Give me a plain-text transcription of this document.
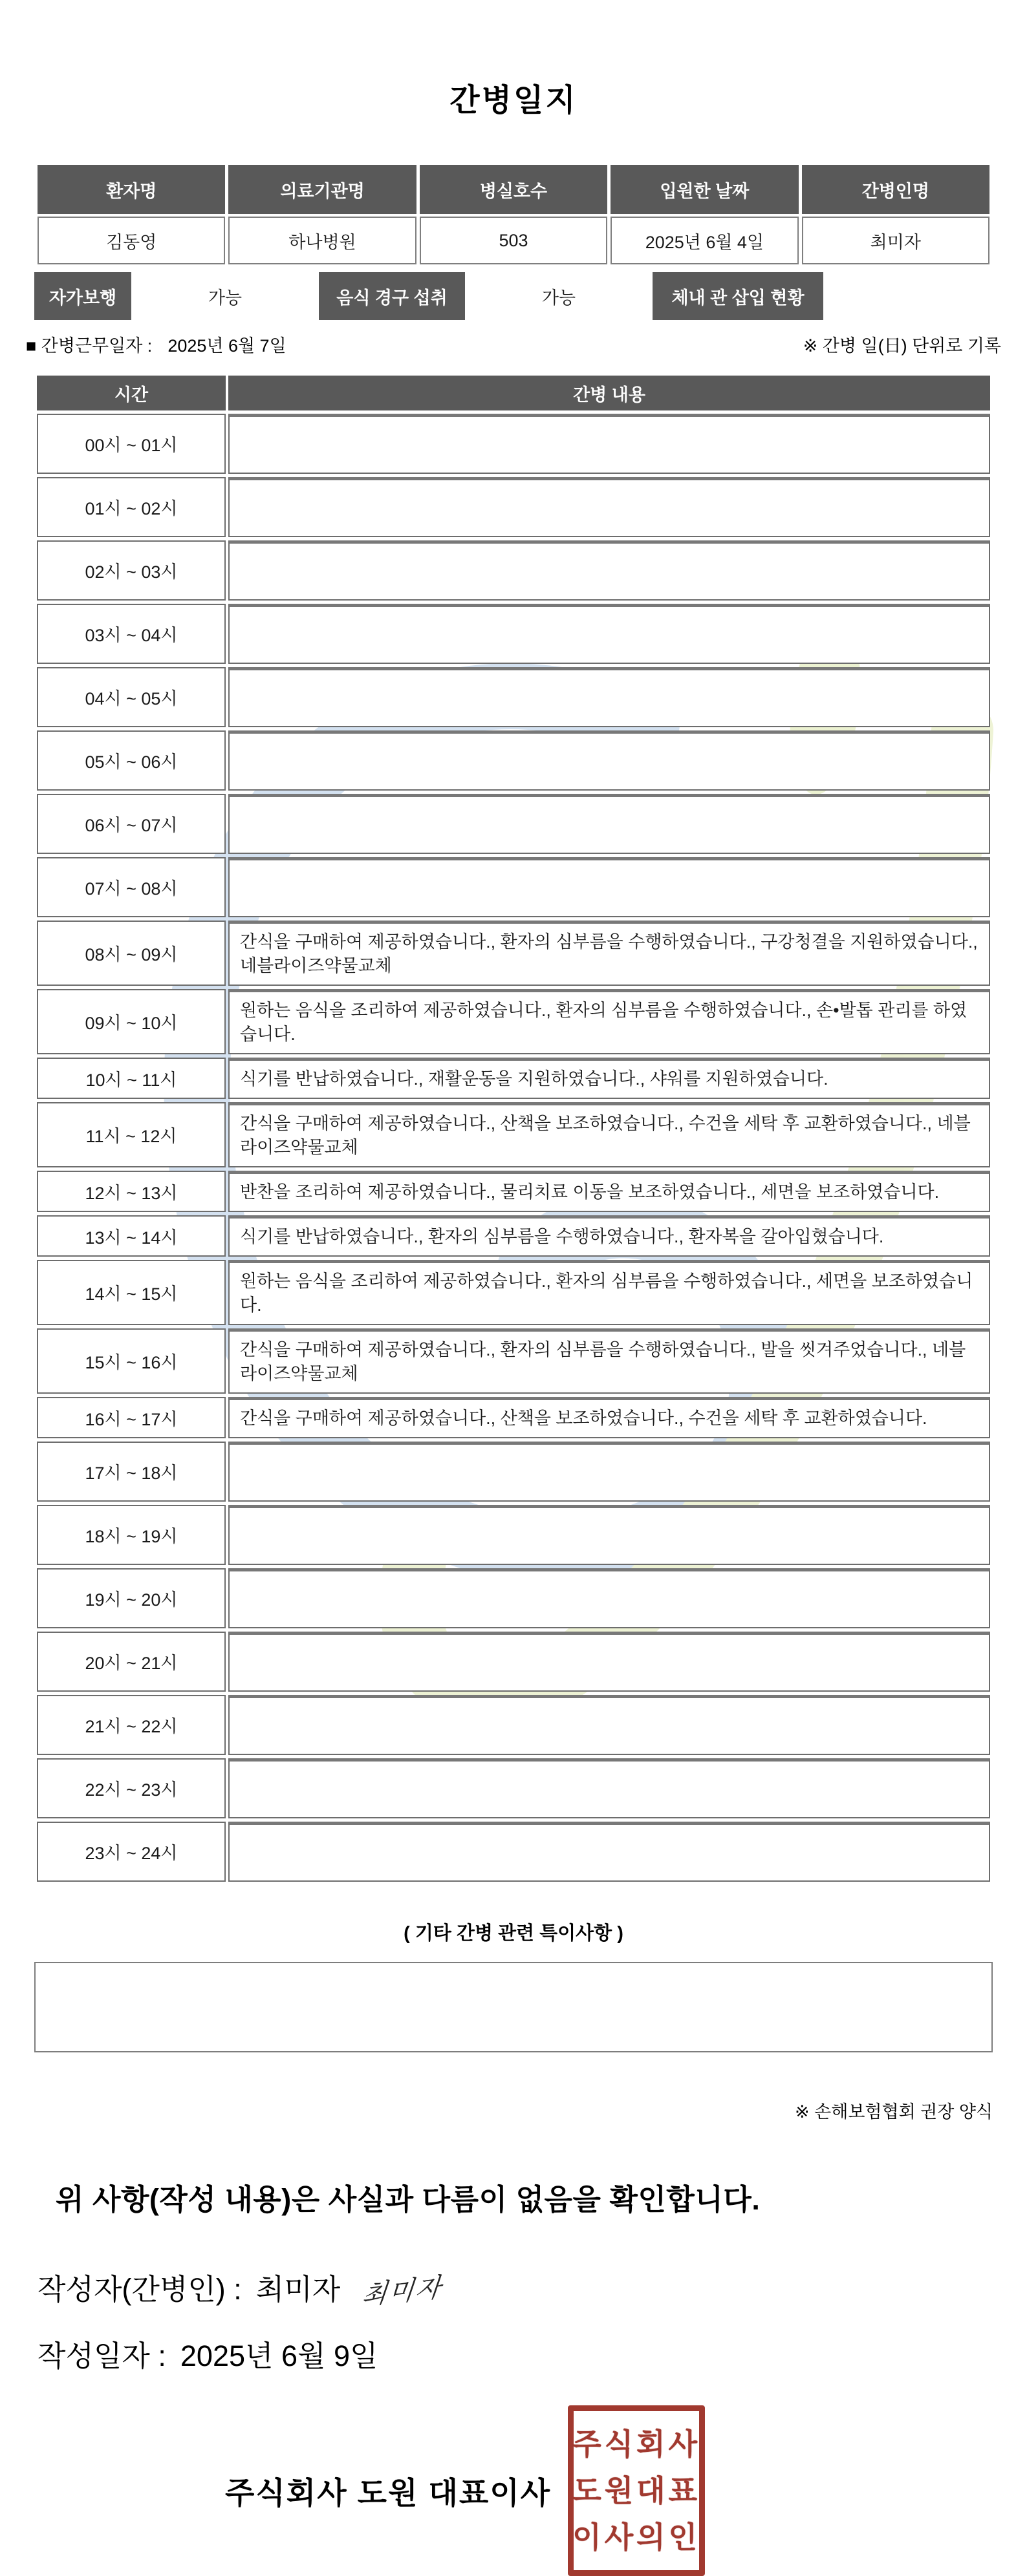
간병일지
환자명	의료기관명	병실호수	입원한 날짜	간병인명
김동영	하나병원	503	2025년 6월 4일	최미자
자가보행	가능	음식 경구 섭취	가능	체내 관 삽입 현황
■ 간병근무일자 : 2025년 6월 7일	※ 간병 일(日) 단위로 기록
시간	간병 내용
00시 ~ 01시	
01시 ~ 02시	
02시 ~ 03시	
03시 ~ 04시	
04시 ~ 05시	
05시 ~ 06시	
06시 ~ 07시	
07시 ~ 08시	
08시 ~ 09시	간식을 구매하여 제공하였습니다., 환자의 심부름을 수행하였습니다., 구강청결을 지원하였습니다., 네블라이즈약물교체
09시 ~ 10시	원하는 음식을 조리하여 제공하였습니다., 환자의 심부름을 수행하였습니다., 손•발톱 관리를 하였습니다.
10시 ~ 11시	식기를 반납하였습니다., 재활운동을 지원하였습니다., 샤워를 지원하였습니다.
11시 ~ 12시	간식을 구매하여 제공하였습니다., 산책을 보조하였습니다., 수건을 세탁 후 교환하였습니다., 네블라이즈약물교체
12시 ~ 13시	반찬을 조리하여 제공하였습니다., 물리치료 이동을 보조하였습니다., 세면을 보조하였습니다.
13시 ~ 14시	식기를 반납하였습니다., 환자의 심부름을 수행하였습니다., 환자복을 갈아입혔습니다.
14시 ~ 15시	원하는 음식을 조리하여 제공하였습니다., 환자의 심부름을 수행하였습니다., 세면을 보조하였습니다.
15시 ~ 16시	간식을 구매하여 제공하였습니다., 환자의 심부름을 수행하였습니다., 발을 씻겨주었습니다., 네블라이즈약물교체
16시 ~ 17시	간식을 구매하여 제공하였습니다., 산책을 보조하였습니다., 수건을 세탁 후 교환하였습니다.
17시 ~ 18시	
18시 ~ 19시	
19시 ~ 20시	
20시 ~ 21시	
21시 ~ 22시	
22시 ~ 23시	
23시 ~ 24시	
( 기타 간병 관련 특이사항 )
※ 손해보험협회 권장 양식
위 사항(작성 내용)은 사실과 다름이 없음을 확인합니다.
작성자(간병인) : 최미자 최미자
작성일자 : 2025년 6월 9일
주식회사 도원 대표이사
주식회사
도원대표
이사의인
